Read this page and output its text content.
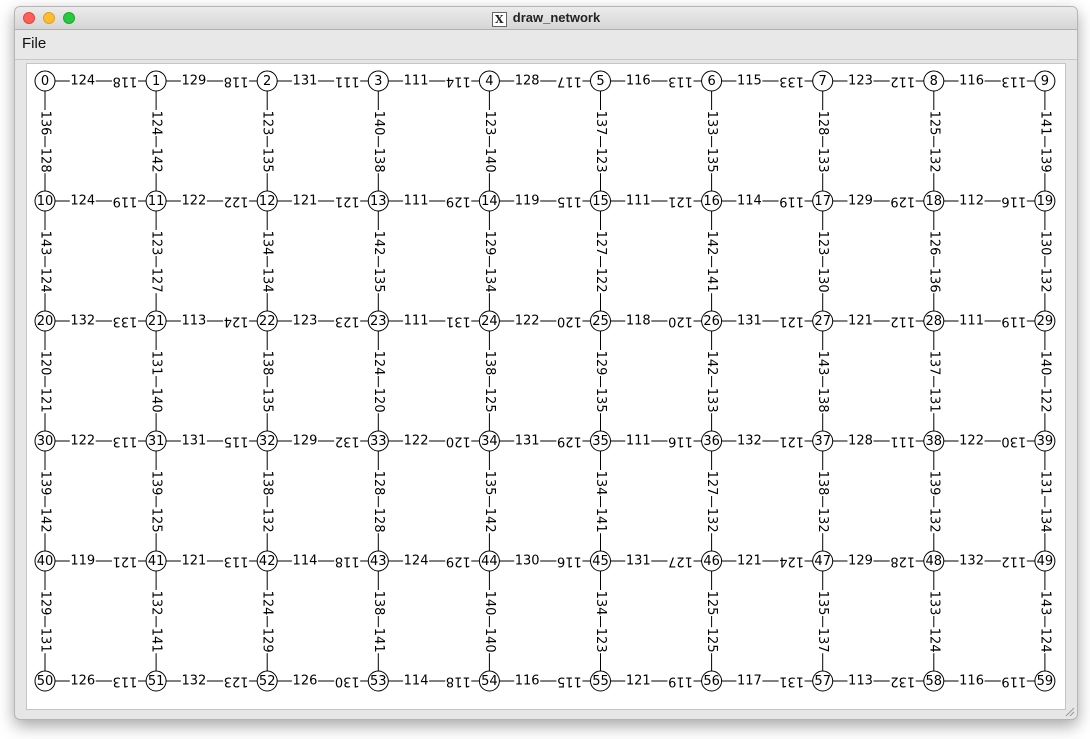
X draw_network
File
124 118	129 118	131 111	111 114	128 117	116 113	115 133	123 112	116 113
124 119	122 122	121 121	111 129	119 115	111 121	114 119	129 129	112 116
132 133	113 124	123 123	111 131	122 120	118 120	131 121	121 112	111 119
122 113	131 115	129 132	122 120	131 129	111 116	132 121	128 111	122 130
119 121	121 113	114 118	124 129	130 116	131 127	121 124	129 128	132 112
126 113	132 123	126 130	114 118	116 115	121 119	117 131	113 132	116 119
136
128
124
142
123
135
140
138
123
140
137
123
133
135
128
133
125
132
141
139
143
124
123
127
134
134
142
135
129
134
127
122
142
141
123
130
126
136
130
132
120
121
131
140
138
135
124
120
138
125
129
135
142
133
143
138
137
131
140
122
139
142
139
125
138
132
128
128
135
142
134
141
127
132
138
132
139
132
131
134
129
131
132
141
124
129
138
141
140
140
134
123
125
125
135
137
133
124
143
124
0	1	2	3	4	5	6	7	8	9
10	11	12	13	14	15	16	17	18	19
20	21	22	23	24	25	26	27	28	29
30	31	32	33	34	35	36	37	38	39
40	41	42	43	44	45	46	47	48	49
50	51	52	53	54	55	56	57	58	59
